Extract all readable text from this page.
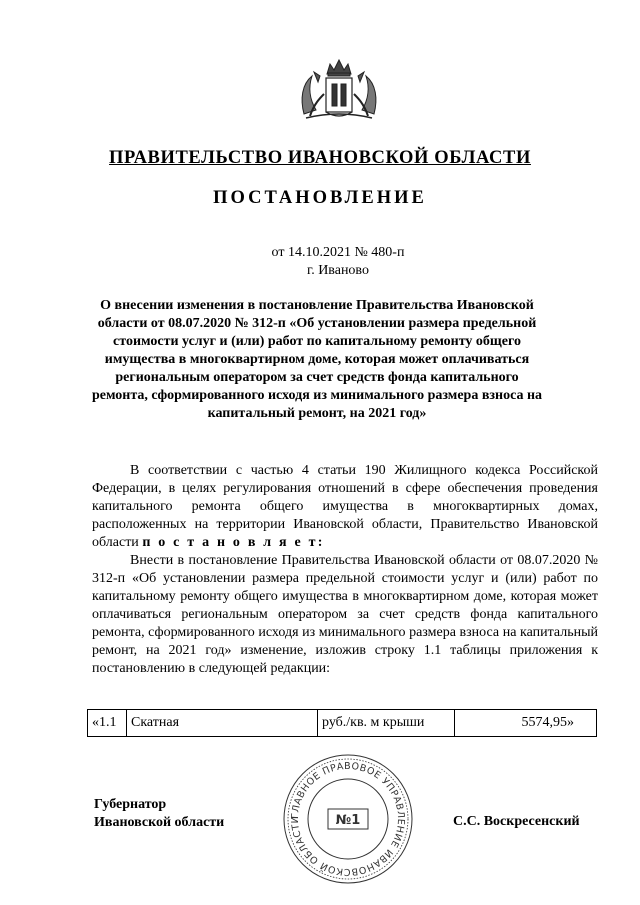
ПРАВИТЕЛЬСТВО ИВАНОВСКОЙ ОБЛАСТИ
ПОСТАНОВЛЕНИЕ
от 14.10.2021 № 480-п
г. Иваново
О внесении изменения в постановление Правительства Ивановской области от 08.07.2020 № 312-п «Об установлении размера предельной стоимости услуг и (или) работ по капитальному ремонту общего имущества в многоквартирном доме, которая может оплачиваться региональным оператором за счет средств фонда капитального ремонта, сформированного исходя из минимального размера взноса на капитальный ремонт, на 2021 год»

В соответствии с частью 4 статьи 190 Жилищного кодекса Российской Федерации, в целях регулирования отношений в сфере обеспечения проведения капитального ремонта общего имущества в многоквартирных домах, расположенных на территории Ивановской области, Правительство Ивановской области п о с т а н о в л я е т:

Внести в постановление Правительства Ивановской области от 08.07.2020 № 312-п «Об установлении размера предельной стоимости услуг и (или) работ по капитальному ремонту общего имущества в многоквартирном доме, которая может оплачиваться региональным оператором за счет средств фонда капитального ремонта, сформированного исходя из минимального размера взноса на капитальный ремонт, на 2021 год» изменение, изложив строку 1.1 таблицы приложения к постановлению в следующей редакции:

«1.1	Скатная	руб./кв. м крыши	5574,95»
Губернатор
Ивановской области	С.С. Воскресенский
ГЛАВНОЕ ПРАВОВОЕ УПРАВЛЕНИЕ ИВАНОВСКОЙ ОБЛАСТИ	№1
